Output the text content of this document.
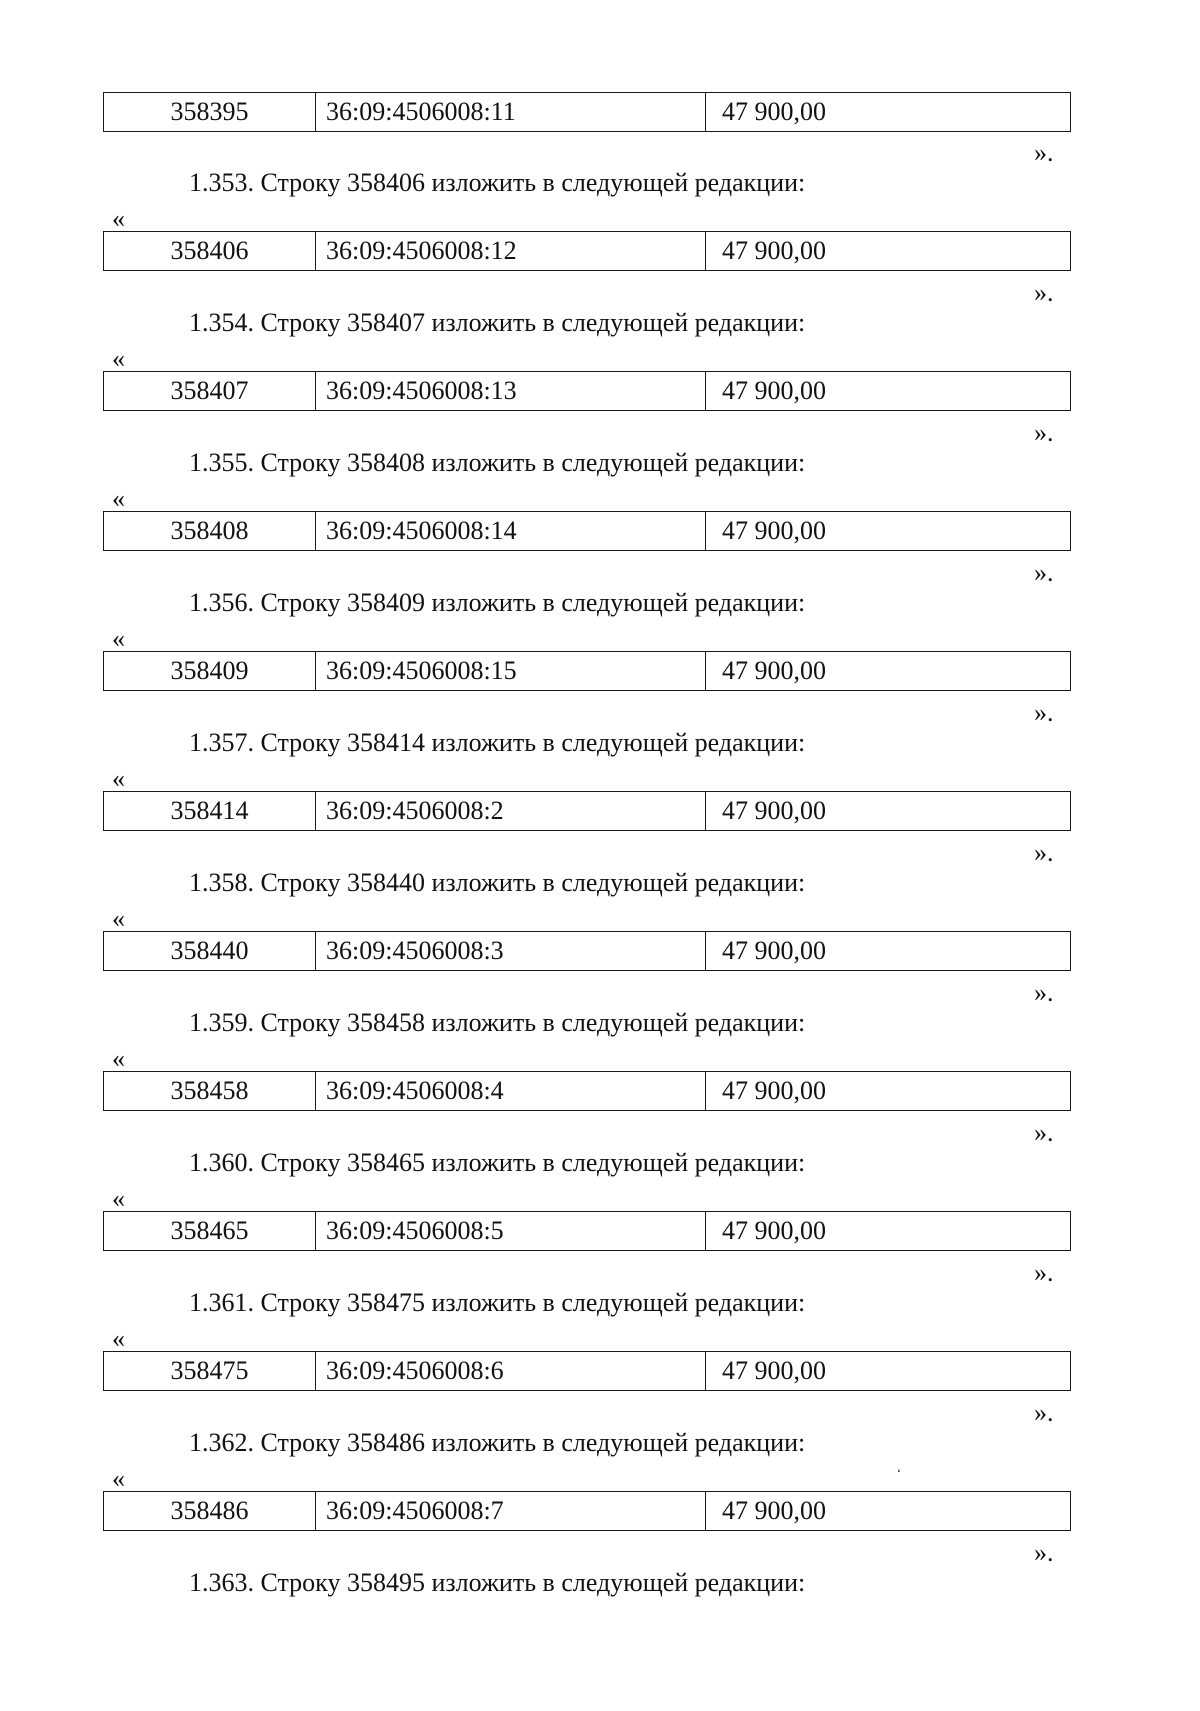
358395	36:09:4506008:11	47 900,00
».
1.353. Строку 358406 изложить в следующей редакции:
«
358406	36:09:4506008:12	47 900,00
».
1.354. Строку 358407 изложить в следующей редакции:
«
358407	36:09:4506008:13	47 900,00
».
1.355. Строку 358408 изложить в следующей редакции:
«
358408	36:09:4506008:14	47 900,00
».
1.356. Строку 358409 изложить в следующей редакции:
«
358409	36:09:4506008:15	47 900,00
».
1.357. Строку 358414 изложить в следующей редакции:
«
358414	36:09:4506008:2	47 900,00
».
1.358. Строку 358440 изложить в следующей редакции:
«
358440	36:09:4506008:3	47 900,00
».
1.359. Строку 358458 изложить в следующей редакции:
«
358458	36:09:4506008:4	47 900,00
».
1.360. Строку 358465 изложить в следующей редакции:
«
358465	36:09:4506008:5	47 900,00
».
1.361. Строку 358475 изложить в следующей редакции:
«
358475	36:09:4506008:6	47 900,00
».
1.362. Строку 358486 изложить в следующей редакции:
«	ʻ
358486	36:09:4506008:7	47 900,00
».
1.363. Строку 358495 изложить в следующей редакции:
